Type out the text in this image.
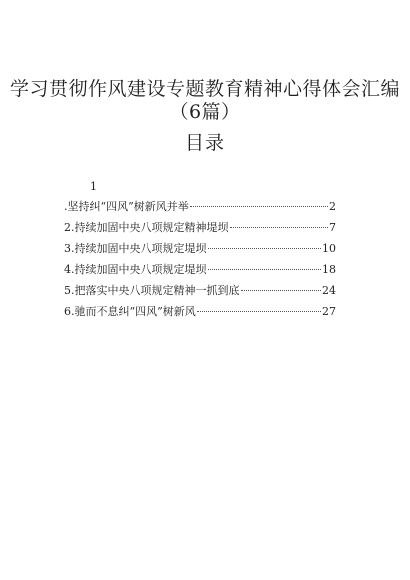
学习贯彻作风建设专题教育精神心得体会汇编
（6篇）
目录
1
.坚持纠“四风”树新风并举	2
2.持续加固中央八项规定精神堤坝	7
3.持续加固中央八项规定堤坝	10
4.持续加固中央八项规定堤坝	18
5.把落实中央八项规定精神一抓到底	24
6.驰而不息纠“四风”树新风	27
